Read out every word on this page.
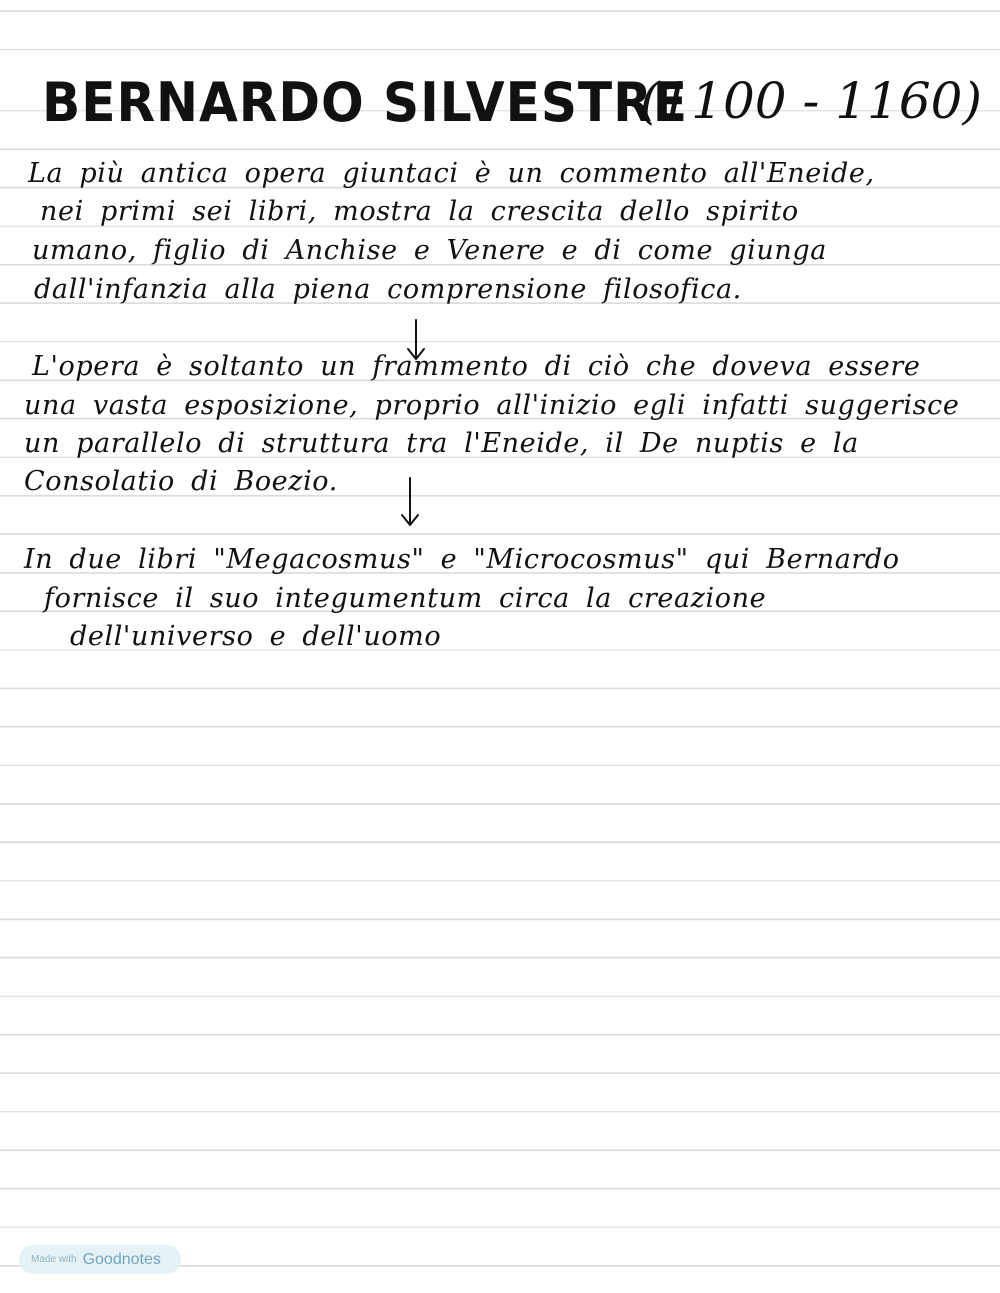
BERNARDO SILVESTRE
(1100 - 1160)
La più antica opera giuntaci è un commento all'Eneide,
nei primi sei libri, mostra la crescita dello spirito
umano, figlio di Anchise e Venere e di come giunga
dall'infanzia alla piena comprensione filosofica.
L'opera è soltanto un frammento di ciò che doveva essere
una vasta esposizione, proprio all'inizio egli infatti suggerisce
un parallelo di struttura tra l'Eneide, il De nuptis e la
Consolatio di Boezio.
In due libri "Megacosmus" e "Microcosmus" qui Bernardo
fornisce il suo integumentum circa la creazione
dell'universo e dell'uomo
Made with Goodnotes
